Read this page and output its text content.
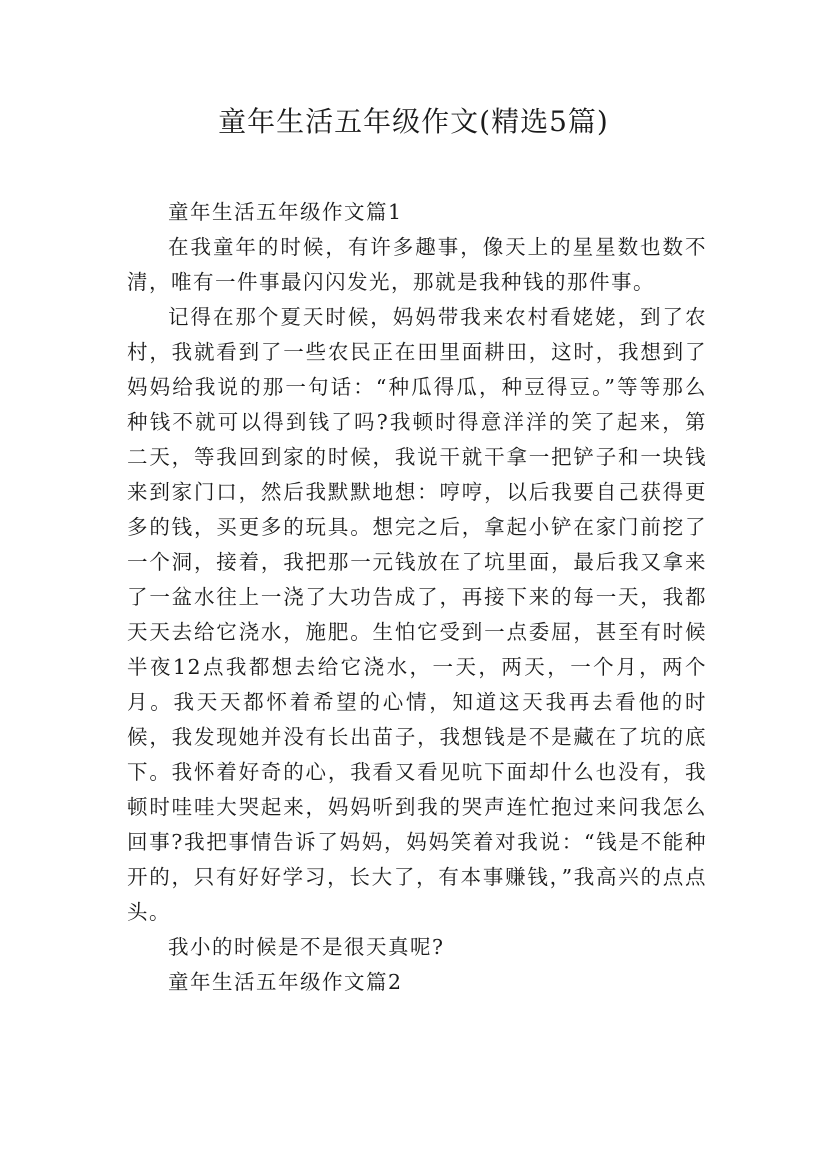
童年生活五年级作文(精选5篇)

童年生活五年级作文篇1

在我童年的时候，有许多趣事，像天上的星星数也数不清，唯有一件事最闪闪发光，那就是我种钱的那件事。

记得在那个夏天时候，妈妈带我来农村看姥姥，到了农村，我就看到了一些农民正在田里面耕田，这时，我想到了妈妈给我说的那一句话：“种瓜得瓜，种豆得豆。”等等那么种钱不就可以得到钱了吗?我顿时得意洋洋的笑了起来，第二天，等我回到家的时候，我说干就干拿一把铲子和一块钱来到家门口，然后我默默地想：哼哼，以后我要自己获得更多的钱，买更多的玩具。想完之后，拿起小铲在家门前挖了一个洞，接着，我把那一元钱放在了坑里面，最后我又拿来了一盆水往上一浇了大功告成了，再接下来的每一天，我都天天去给它浇水，施肥。生怕它受到一点委屈，甚至有时候半夜12点我都想去给它浇水，一天，两天，一个月，两个月。我天天都怀着希望的心情，知道这天我再去看他的时候，我发现她并没有长出苗子，我想钱是不是藏在了坑的底下。我怀着好奇的心，我看又看见吭下面却什么也没有，我顿时哇哇大哭起来，妈妈听到我的哭声连忙抱过来问我怎么回事?我把事情告诉了妈妈，妈妈笑着对我说：“钱是不能种开的，只有好好学习，长大了，有本事赚钱，”我高兴的点点头。

我小的时候是不是很天真呢?

童年生活五年级作文篇2
